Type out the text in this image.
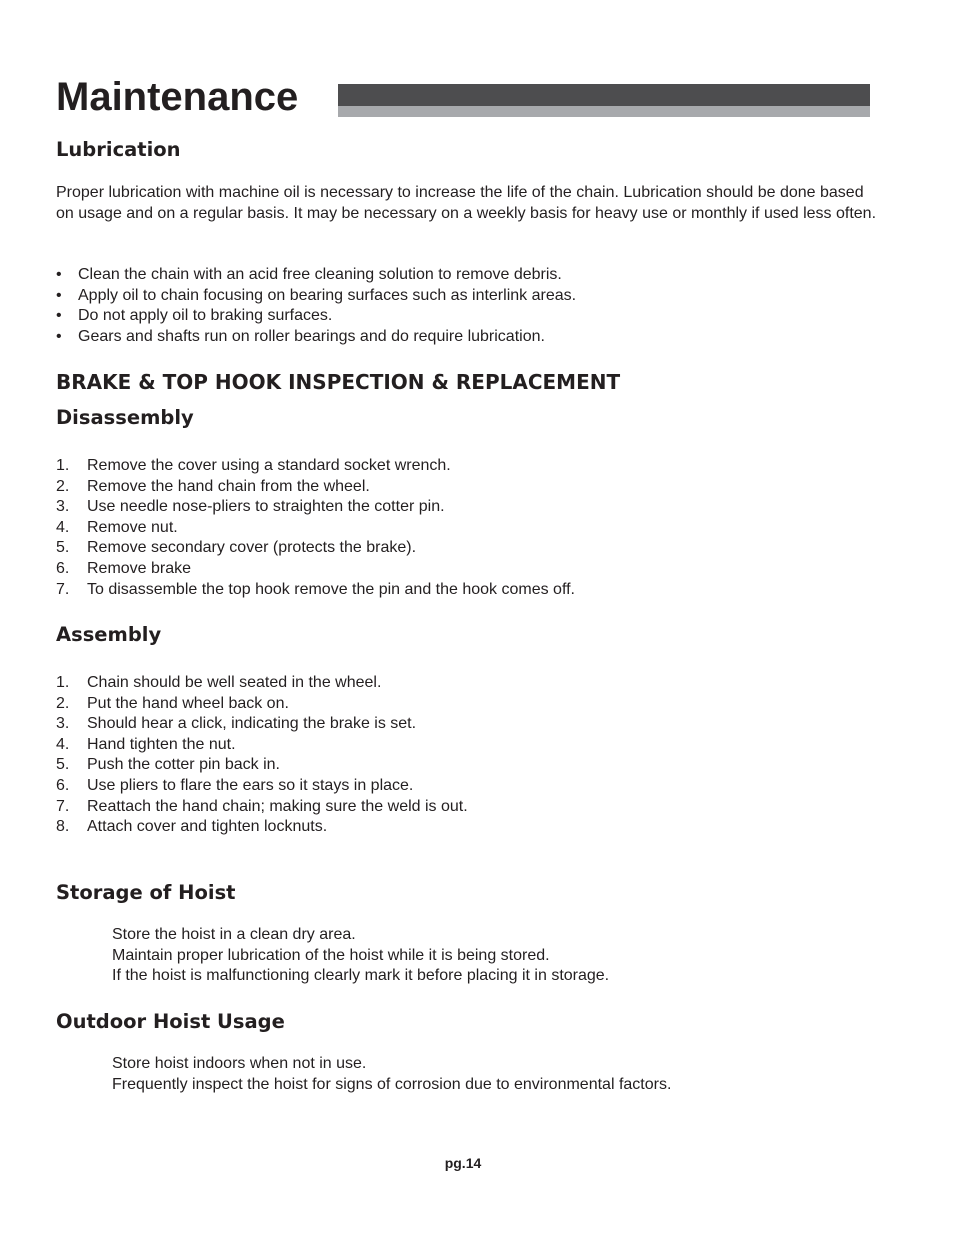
Maintenance
Lubrication

Proper lubrication with machine oil is necessary to increase the life of the chain. Lubrication should be done based on usage and on a regular basis. It may be necessary on a weekly basis for heavy use or monthly if used less often.

• Clean the chain with an acid free cleaning solution to remove debris.
• Apply oil to chain focusing on bearing surfaces such as interlink areas.
• Do not apply oil to braking surfaces.
• Gears and shafts run on roller bearings and do require lubrication.
BRAKE & TOP HOOK INSPECTION & REPLACEMENT
Disassembly
1. Remove the cover using a standard socket wrench.
2. Remove the hand chain from the wheel.
3. Use needle nose-pliers to straighten the cotter pin.
4. Remove nut.
5. Remove secondary cover (protects the brake).
6. Remove brake
7. To disassemble the top hook remove the pin and the hook comes off.
Assembly
1. Chain should be well seated in the wheel.
2. Put the hand wheel back on.
3. Should hear a click, indicating the brake is set.
4. Hand tighten the nut.
5. Push the cotter pin back in.
6. Use pliers to flare the ears so it stays in place.
7. Reattach the hand chain; making sure the weld is out.
8. Attach cover and tighten locknuts.
Storage of Hoist
Store the hoist in a clean dry area.
Maintain proper lubrication of the hoist while it is being stored.
If the hoist is malfunctioning clearly mark it before placing it in storage.
Outdoor Hoist Usage
Store hoist indoors when not in use.
Frequently inspect the hoist for signs of corrosion due to environmental factors.
pg.14
